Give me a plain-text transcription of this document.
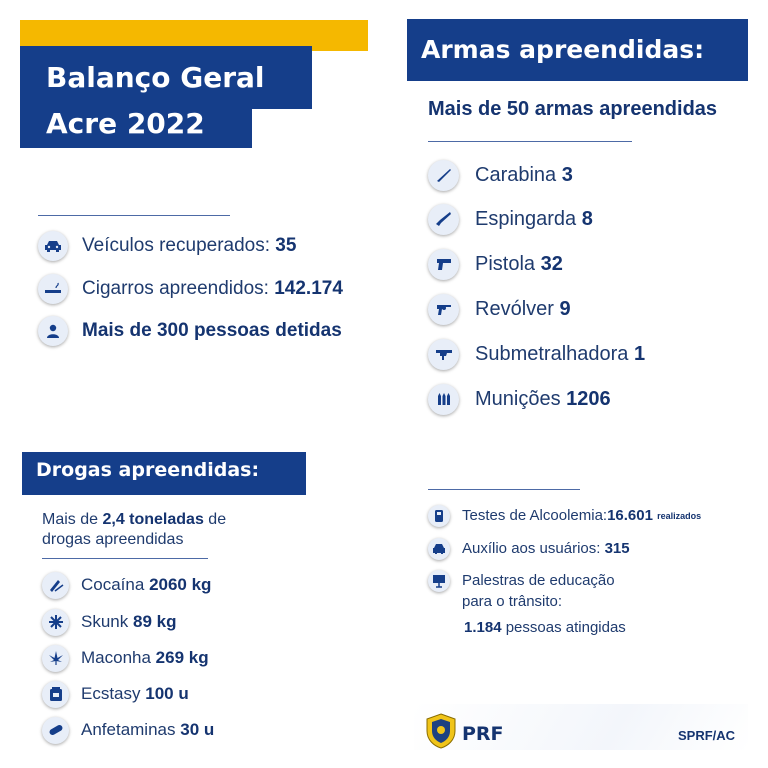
Balanço Geral
Acre 2022
Veículos recuperados:
35
Cigarros apreendidos:
142.174
Mais de 300 pessoas detidas
Armas apreendidas:
Mais de 50 armas apreendidas
Carabina
3
Espingarda
8
Pistola
32
Revólver
9
Submetralhadora
1
Munições
1206
Drogas apreendidas:
Mais de 2,4 toneladas de
drogas apreendidas
Cocaína
2060 kg
Skunk
89 kg
Maconha
269 kg
Ecstasy
100 u
Anfetaminas
30 u
Testes de Alcoolemia: 16.601
realizados
Auxílio aos usuários:
315
Palestras de educação
para o trânsito:
1.184 pessoas atingidas
PRF	SPRF/AC
